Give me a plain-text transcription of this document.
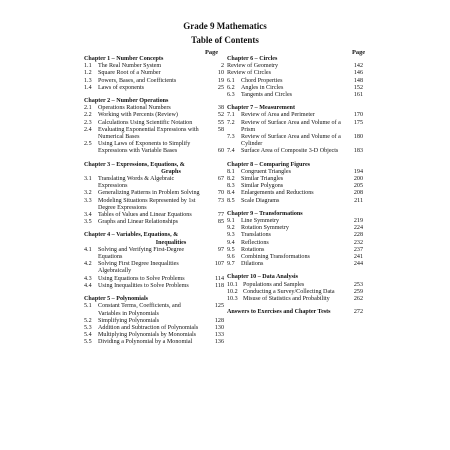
Grade 9 Mathematics
Table of Contents
Page	Page
Chapter 1 – Number Concepts
1.1	The Real Number System	2
1.2	Square Root of a Number	10
1.3	Powers, Bases, and Coefficients	19
1.4	Laws of exponents	25
Chapter 2 – Number Operations
2.1	Operations Rational Numbers	38
2.2	Working with Percents (Review)	52
2.3	Calculations Using Scientific Notation	55
2.4	Evaluating Exponential Expressions with	58
Numerical Bases
2.5	Using Laws of Exponents to Simplify
Expressions with Variable Bases	60
Chapter 3 – Expressions, Equations, &
Graphs
3.1	Translating Words & Algebraic	67
Expressions
3.2	Generalizing Patterns in Problem Solving	70
3.3	Modeling Situations Represented by 1st	73
Degree Expressions
3.4	Tables of Values and Linear Equations	77
3.5	Graphs and Linear Relationships	85
Chapter 4 – Variables, Equations, &
Inequalities
4.1	Solving and Verifying First-Degree	97
Equations
4.2	Solving First Degree Inequalities	107
Algebraically
4.3	Using Equations to Solve Problems	114
4.4	Using Inequalities to Solve Problems	118
Chapter 5 – Polynomials
5.1	Constant Terms, Coefficients, and	125
Variables in Polynomials
5.2	Simplifying Polynomials	128
5.3	Addition and Subtraction of Polynomials	130
5.4	Multiplying Polynomials by Monomials	133
5.5	Dividing a Polynomial by a Monomial	136
Chapter 6 – Circles
Review of Geometry	142
Review of Circles	146
6.1	Chord Properties	148
6.2	Angles in Circles	152
6.3	Tangents and Circles	161
Chapter 7 – Measurement
7.1	Review of Area and Perimeter	170
7.2	Review of Surface Area and Volume of a	175
Prism
7.3	Review of Surface Area and Volume of a	180
Cylinder
7.4	Surface Area of Composite 3-D Objects	183
Chapter 8 – Comparing Figures
8.1	Congruent Triangles	194
8.2	Similar Triangles	200
8.3	Similar Polygons	205
8.4	Enlargements and Reductions	208
8.5	Scale Diagrams	211
Chapter 9 – Transformations
9.1	Line Symmetry	219
9.2	Rotation Symmetry	224
9.3	Translations	228
9.4	Reflections	232
9.5	Rotations	237
9.6	Combining Transformations	241
9.7	Dilations	244
Chapter 10 – Data Analysis
10.1 Populations and Samples	253
10.2 Conducting a Survey/Collecting Data	259
10.3 Misuse of Statistics and Probability	262
Answers to Exercises and Chapter Tests	272
